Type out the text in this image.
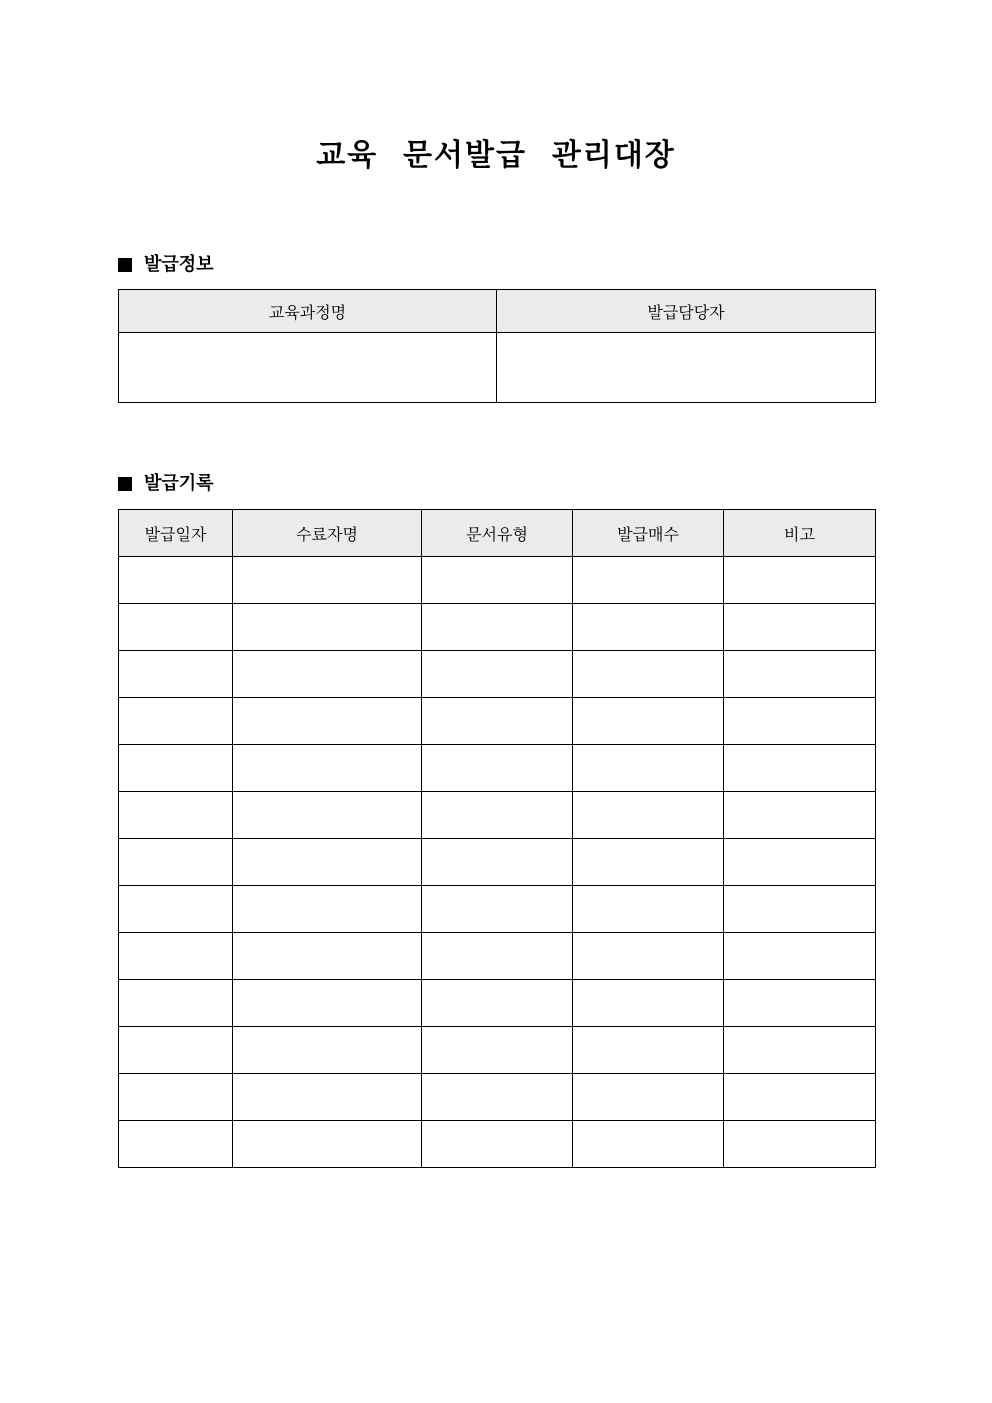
교육  문서발급  관리대장
발급정보
교육과정명	발급담당자

발급기록
발급일자	수료자명	문서유형	발급매수	비고
